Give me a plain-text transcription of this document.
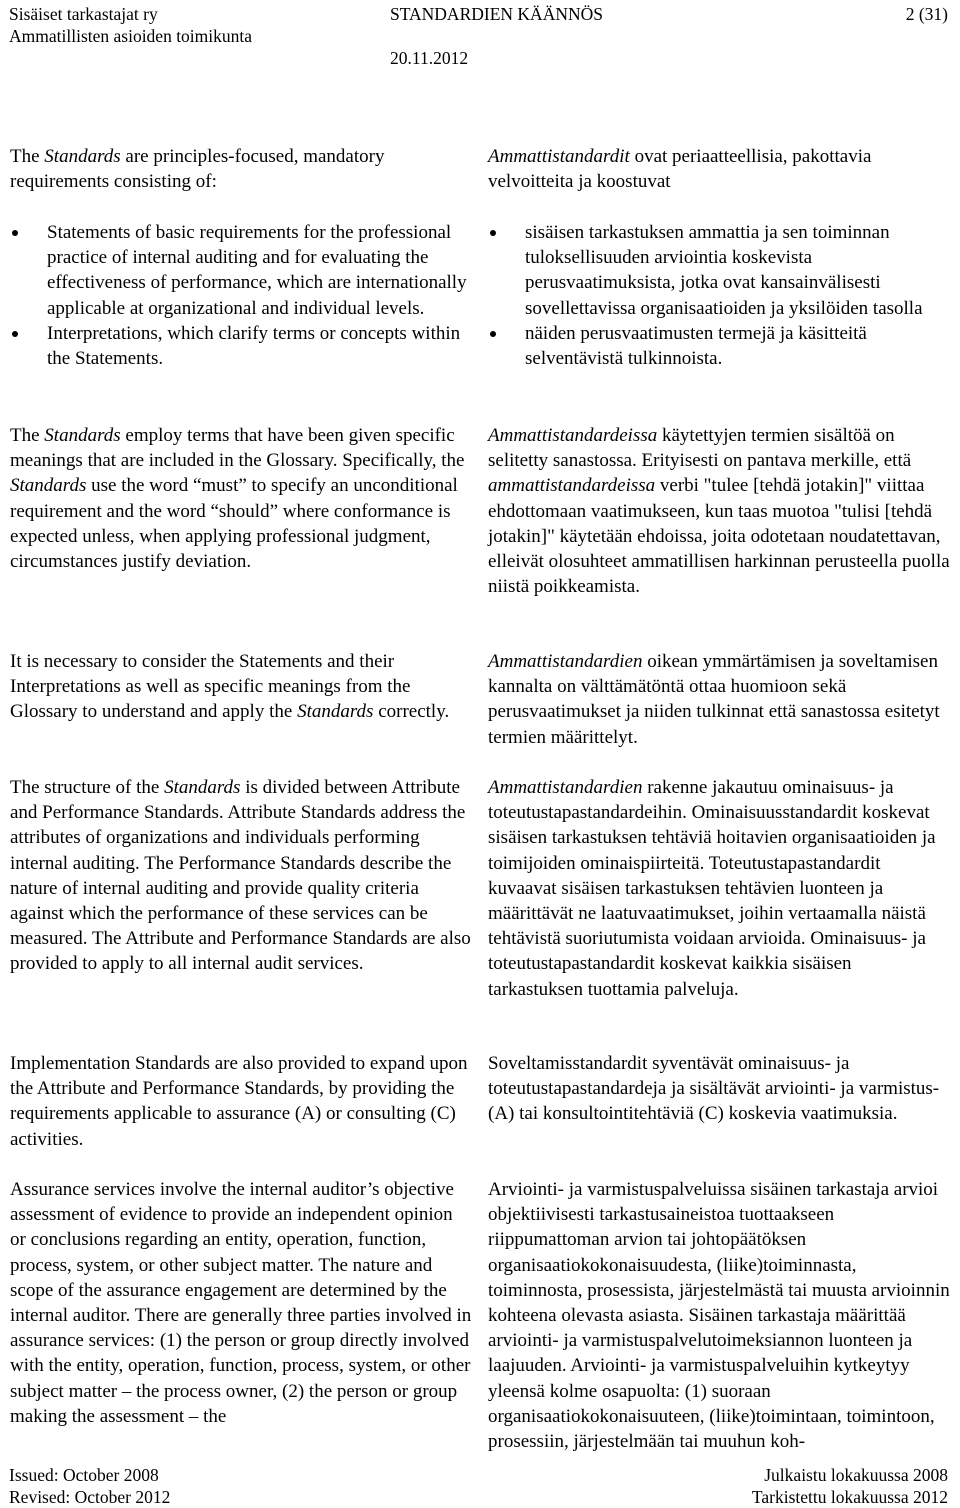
Sisäiset tarkastajat ry
Ammatillisten asioiden toimikunta
STANDARDIEN KÄÄNNÖS
20.11.2012
2 (31)

The Standards are principles-focused, mandatory requirements consisting of:

Statements of basic requirements for the professional practice of internal auditing and for evaluating the effectiveness of performance, which are internationally applicable at organizational and individual levels.
Interpretations, which clarify terms or concepts within the Statements.

The Standards employ terms that have been given specific meanings that are included in the Glossary. Specifically, the Standards use the word “must” to specify an unconditional requirement and the word “should” where conformance is expected unless, when applying professional judgment, circumstances justify deviation.

It is necessary to consider the Statements and their Interpretations as well as specific meanings from the Glossary to understand and apply the Standards correctly.

The structure of the Standards is divided between Attribute and Performance Standards. Attribute Standards address the attributes of organizations and individuals performing internal auditing. The Performance Standards describe the nature of internal auditing and provide quality criteria against which the performance of these services can be measured. The Attribute and Performance Standards are also provided to apply to all internal audit services.

Implementation Standards are also provided to expand upon the Attribute and Performance Standards, by providing the requirements applicable to assurance (A) or consulting (C) activities.

Assurance services involve the internal auditor’s objective assessment of evidence to provide an independent opinion or conclusions regarding an entity, operation, function, process, system, or other subject matter. The nature and scope of the assurance engagement are determined by the internal auditor. There are generally three parties involved in assurance services: (1) the person or group directly involved with the entity, operation, function, process, system, or other subject matter – the process owner, (2) the person or group making the assessment – the

Ammattistandardit ovat periaatteellisia, pakottavia velvoitteita ja koostuvat

sisäisen tarkastuksen ammattia ja sen toiminnan tuloksellisuuden arviointia koskevista perusvaatimuksista, jotka ovat kansainvälisesti sovellettavissa organisaatioiden ja yksilöiden tasolla
näiden perusvaatimusten termejä ja käsitteitä selventävistä tulkinnoista.

Ammattistandardeissa käytettyjen termien sisältöä on selitetty sanastossa. Erityisesti on pantava merkille, että ammattistandardeissa verbi "tulee [tehdä jotakin]" viittaa ehdottomaan vaatimukseen, kun taas muotoa "tulisi [tehdä jotakin]" käytetään ehdoissa, joita odotetaan noudatettavan, elleivät olosuhteet ammatillisen harkinnan perusteella puolla niistä poikkeamista.

Ammattistandardien oikean ymmärtämisen ja soveltamisen kannalta on välttämätöntä ottaa huomioon sekä perusvaatimukset ja niiden tulkinnat että sanastossa esitetyt termien määrittelyt.

Ammattistandardien rakenne jakautuu ominaisuus- ja toteutustapastandardeihin. Ominaisuusstandardit koskevat sisäisen tarkastuksen tehtäviä hoitavien organisaatioiden ja toimijoiden ominaispiirteitä. Toteutustapastandardit kuvaavat sisäisen tarkastuksen tehtävien luonteen ja määrittävät ne laatuvaatimukset, joihin vertaamalla näistä tehtävistä suoriutumista voidaan arvioida. Ominaisuus- ja toteutustapastandardit koskevat kaikkia sisäisen tarkastuksen tuottamia palveluja.

Soveltamisstandardit syventävät ominaisuus- ja toteutustapastandardeja ja sisältävät arviointi- ja varmistus- (A) tai konsultointitehtäviä (C) koskevia vaatimuksia.

Arviointi- ja varmistuspalveluissa sisäinen tarkastaja arvioi objektiivisesti tarkastusaineistoa tuottaakseen riippumattoman arvion tai johtopäätöksen organisaatiokokonaisuudesta, (liike)toiminnasta, toiminnosta, prosessista, järjestelmästä tai muusta arvioinnin kohteena olevasta asiasta. Sisäinen tarkastaja määrittää arviointi- ja varmistuspalvelutoimeksiannon luonteen ja laajuuden. Arviointi- ja varmistuspalveluihin kytkeytyy yleensä kolme osapuolta: (1) suoraan organisaatiokokonaisuuteen, (liike)toimintaan, toimintoon, prosessiin, järjestelmään tai muuhun koh-

Issued: October 2008
Revised: October 2012
Julkaistu lokakuussa 2008
Tarkistettu lokakuussa 2012
